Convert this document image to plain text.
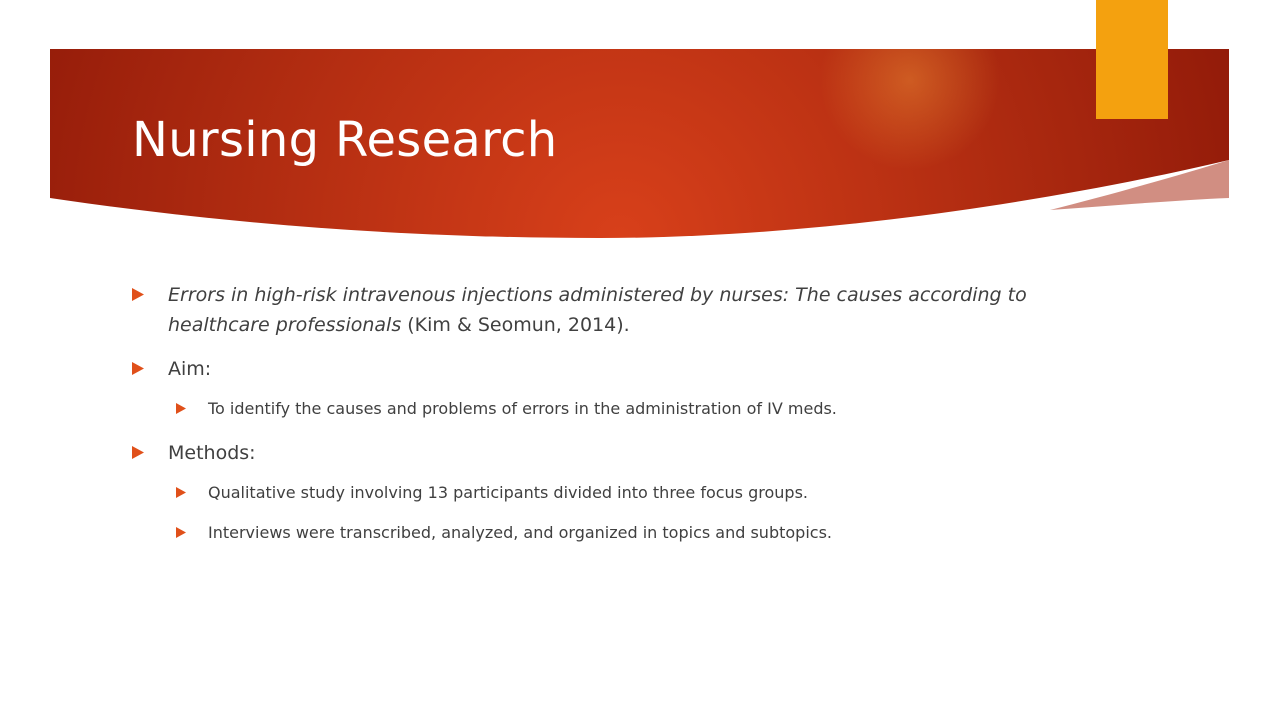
Nursing Research
Errors in high-risk intravenous injections administered by nurses: The causes according to healthcare professionals (Kim & Seomun, 2014).
Aim:
To identify the causes and problems of errors in the administration of IV meds.
Methods:
Qualitative study involving 13 participants divided into three focus groups.
Interviews were transcribed, analyzed, and organized in topics and subtopics.
